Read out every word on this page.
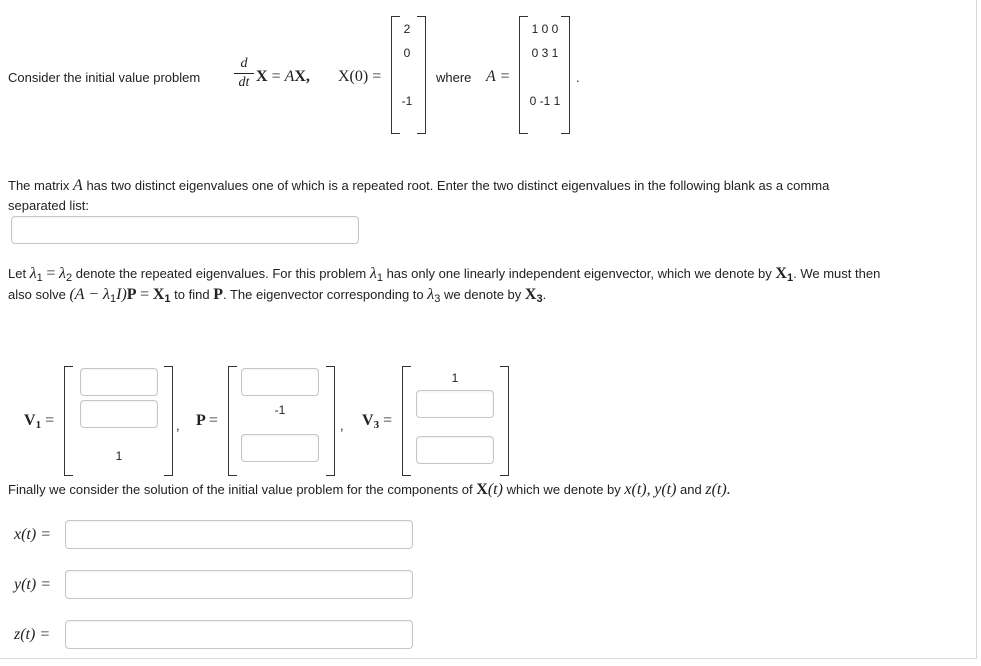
Consider the initial value problem
d
dt X = AX, X(0) =
2
0
-1
where A =
1 0 0
0 3 1
0 -1 1
.

The matrix A has two distinct eigenvalues one of which is a repeated root. Enter the two distinct eigenvalues in the following blank as a comma
separated list:

Let $\lambda_1 = \lambda_2$ denote the repeated eigenvalues. For this problem $\lambda_1$ has only one linearly independent eigenvector, which we denote by $X_1$. We must then
also solve $(A - \lambda_1I)P = X_1$ to find P. The eigenvector corresponding to $\lambda_3$ we denote by $X_3$.

V1 =
1
, P =
-1
, V3 =
1
Finally we consider the solution of the initial value problem for the components of X(t) which we denote by x(t), y(t) and z(t).
x(t) =
y(t) =
z(t) =
